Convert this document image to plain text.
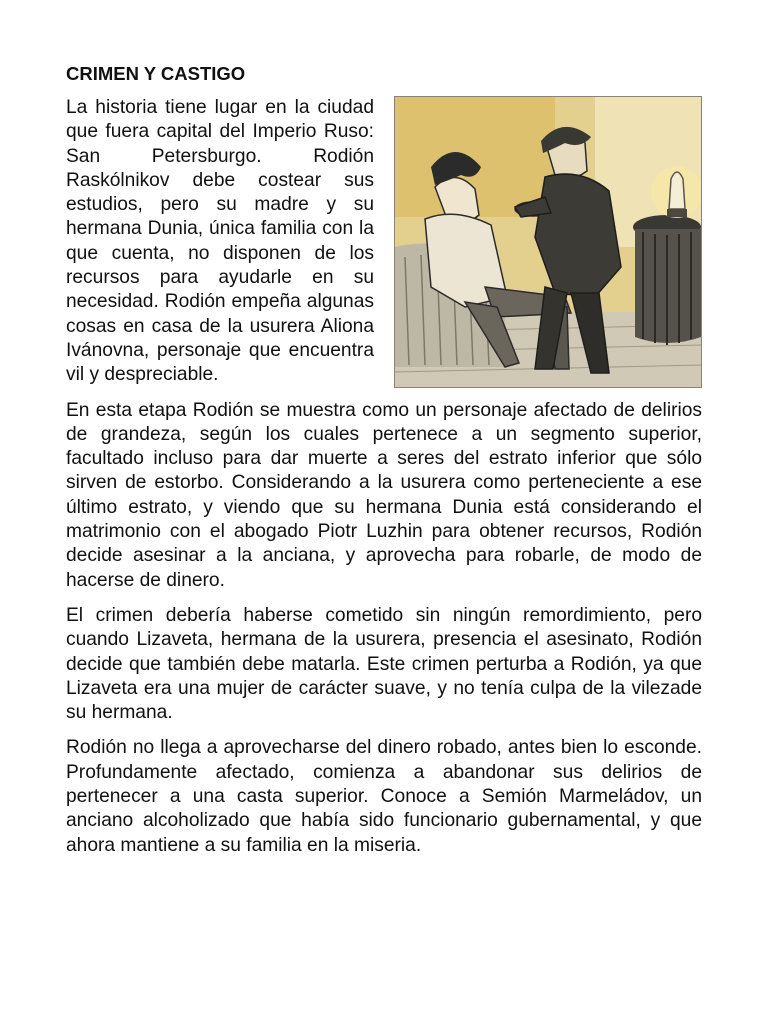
CRIMEN Y CASTIGO
La historia tiene lugar en la ciudad que fuera capital del Imperio Ruso: San Petersburgo. Rodión Raskólnikov debe costear sus estudios, pero su madre y su hermana Dunia, única familia con la que cuenta, no disponen de los recursos para ayudarle en su necesidad. Rodión empeña algunas cosas en casa de la usurera Aliona Ivánovna, personaje que encuentra vil y despreciable.
En esta etapa Rodión se muestra como un personaje afectado de delirios de grandeza, según los cuales pertenece a un segmento superior, facultado incluso para dar muerte a seres del estrato inferior que sólo sirven de estorbo. Considerando a la usurera como perteneciente a ese último estrato, y viendo que su hermana Dunia está considerando el matrimonio con el abogado Piotr Luzhin para obtener recursos, Rodión decide asesinar a la anciana, y aprovecha para robarle, de modo de hacerse de dinero.
El crimen debería haberse cometido sin ningún remordimiento, pero cuando Lizaveta, hermana de la usurera, presencia el asesinato, Rodión decide que también debe matarla. Este crimen perturba a Rodión, ya que Lizaveta era una mujer de carácter suave, y no tenía culpa de la vilezade su hermana.
Rodión no llega a aprovecharse del dinero robado, antes bien lo esconde. Profundamente afectado, comienza a abandonar sus delirios de pertenecer a una casta superior. Conoce a Semión Marmeládov, un anciano alcoholizado que había sido funcionario gubernamental, y que ahora mantiene a su familia en la miseria.
